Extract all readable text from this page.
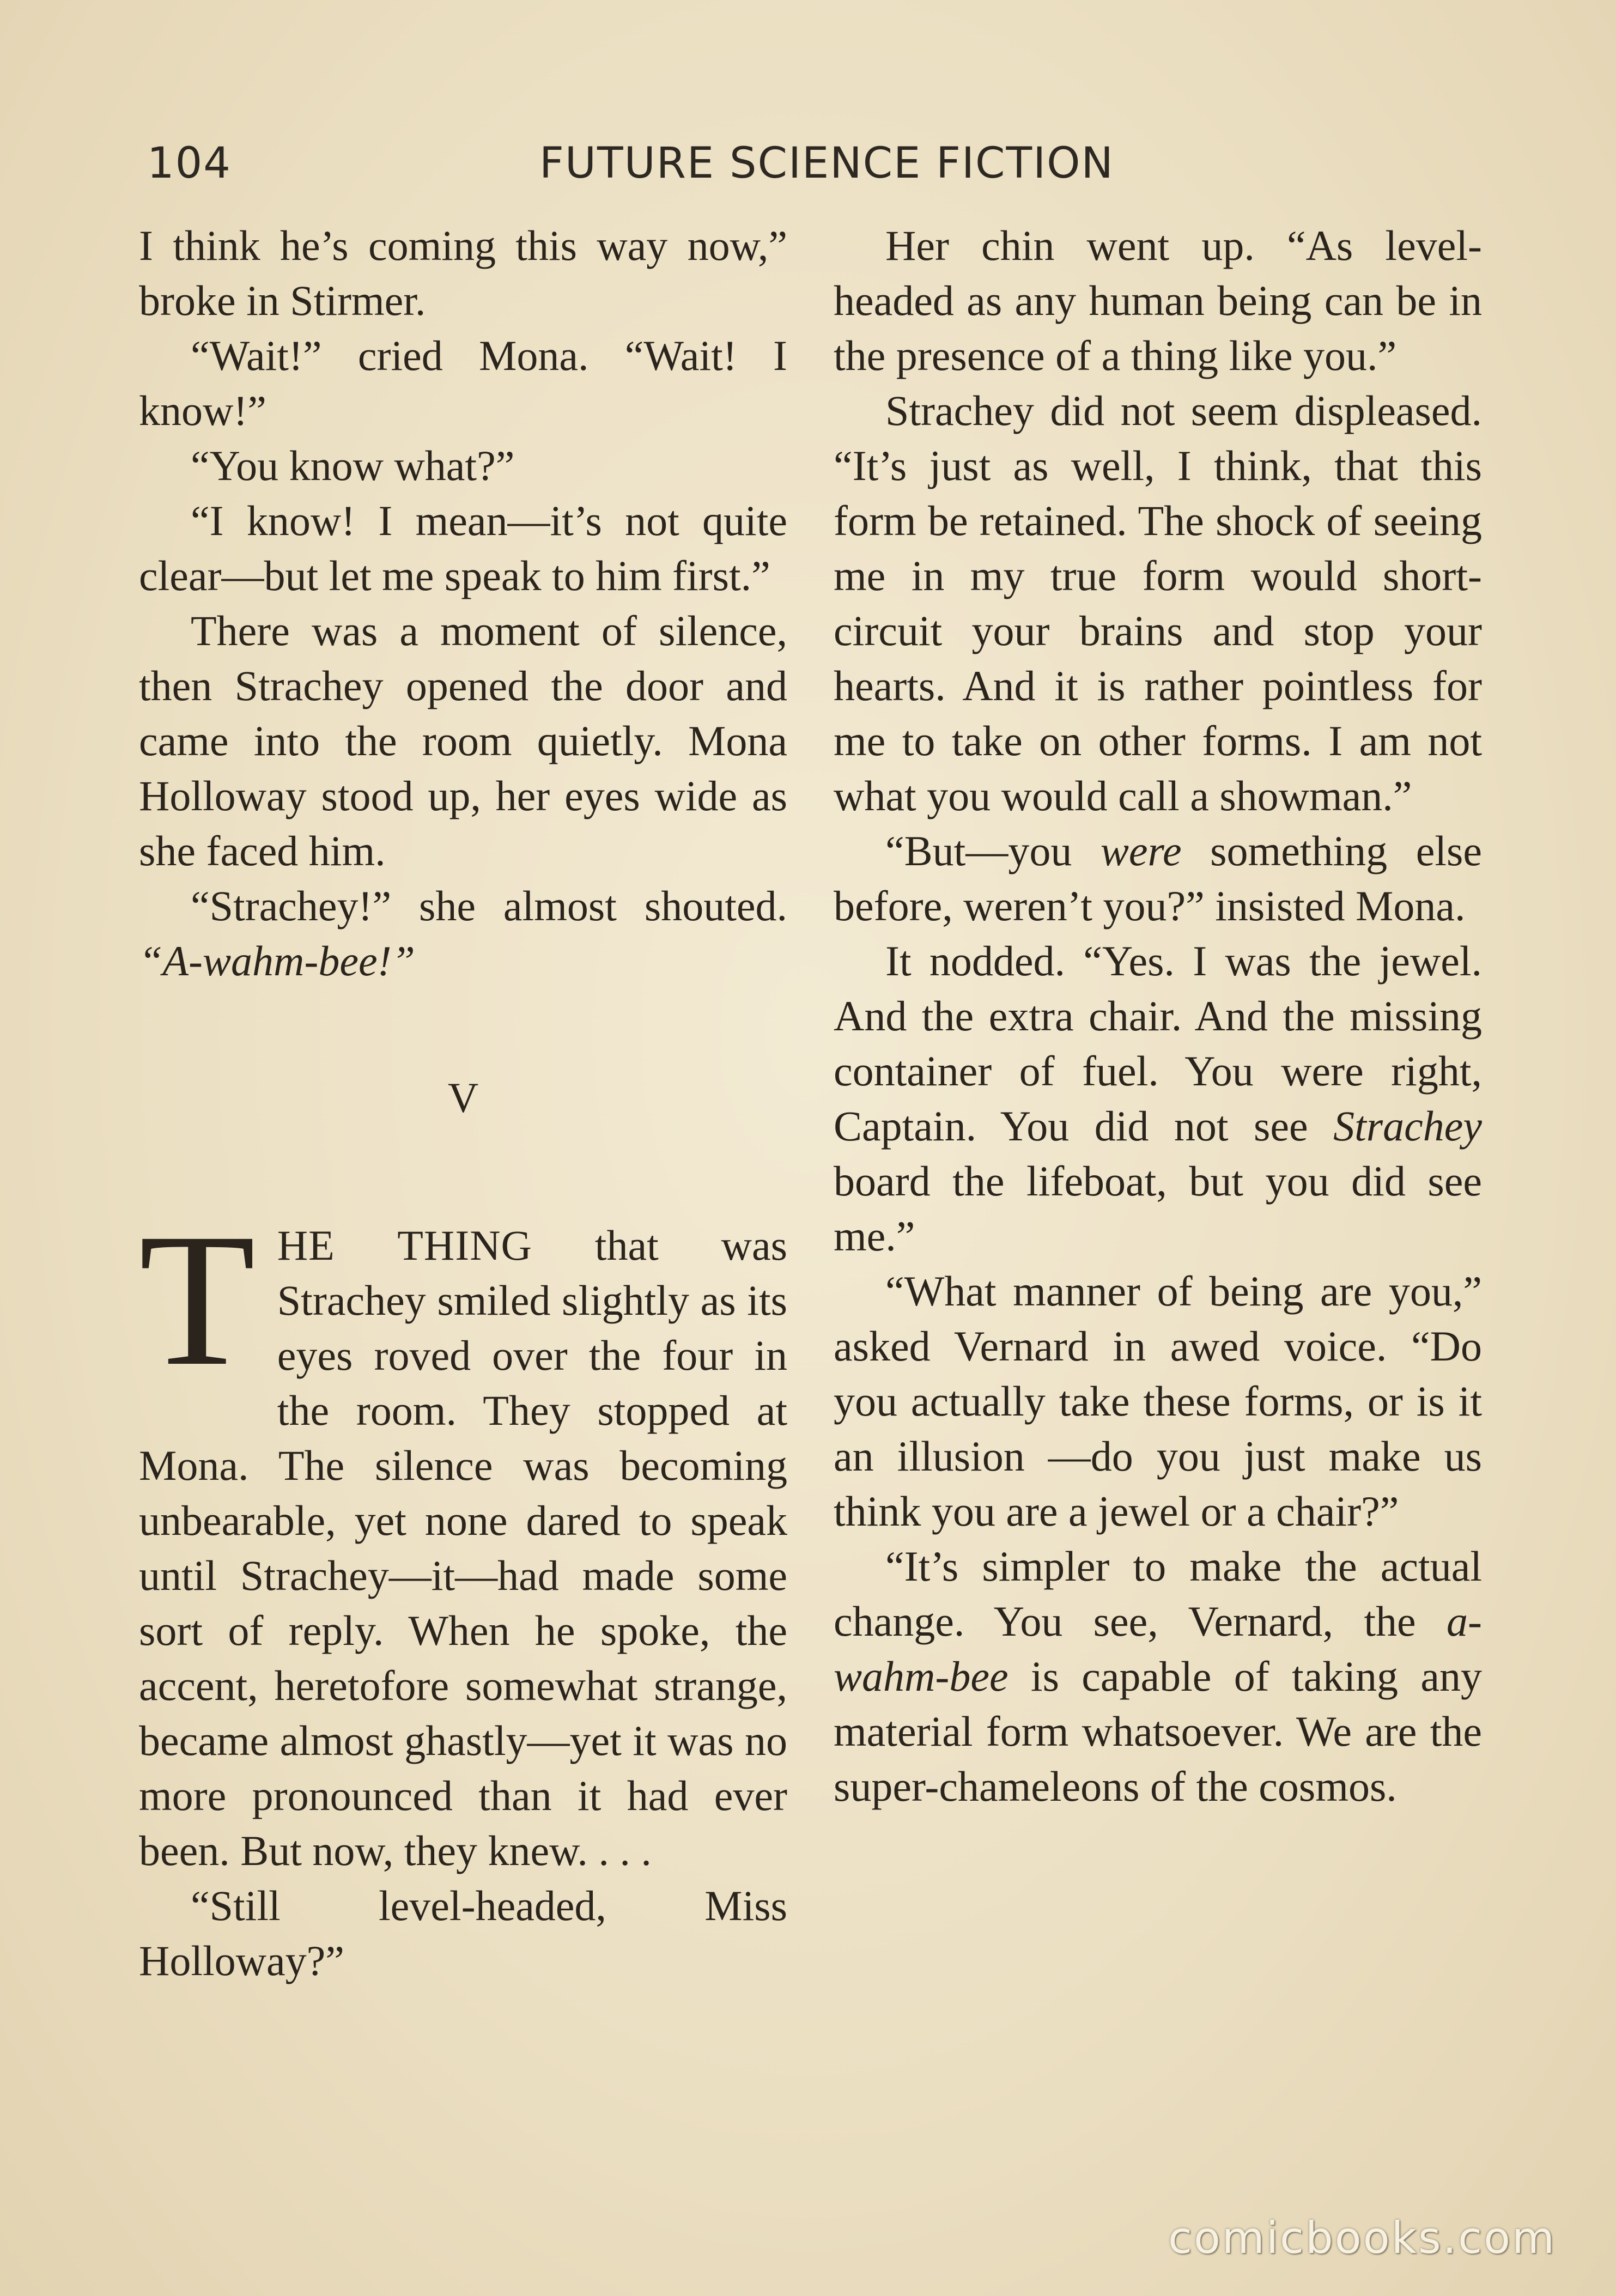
104	FUTURE SCIENCE FICTION

I think he’s coming this way now,” broke in Stirmer.

“Wait!” cried Mona. “Wait! I know!”

“You know what?”

“I know! I mean—it’s not quite clear—but let me speak to him first.”

There was a moment of silence, then Strachey opened the door and came into the room quietly. Mona Holloway stood up, her eyes wide as she faced him.

“Strachey!” she almost shouted. “A-wahm-bee!”

V

THE THING that was Strachey smiled slightly as its eyes roved over the four in the room. They stopped at Mona. The silence was becoming unbearable, yet none dared to speak until Strachey—it—had made some sort of reply. When he spoke, the accent, heretofore somewhat strange, became almost ghastly—yet it was no more pronounced than it had ever been. But now, they knew. . . .

“Still level-headed, Miss Holloway?”

Her chin went up. “As level-headed as any human being can be in the presence of a thing like you.”

Strachey did not seem displeased. “It’s just as well, I think, that this form be retained. The shock of seeing me in my true form would short-circuit your brains and stop your hearts. And it is rather pointless for me to take on other forms. I am not what you would call a showman.”

“But—you were something else before, weren’t you?” insisted Mona.

It nodded. “Yes. I was the jewel. And the extra chair. And the missing container of fuel. You were right, Captain. You did not see Strachey board the lifeboat, but you did see me.”

“What manner of being are you,” asked Vernard in awed voice. “Do you actually take these forms, or is it an illusion —do you just make us think you are a jewel or a chair?”

“It’s simpler to make the actual change. You see, Vernard, the a-wahm-bee is capable of taking any material form whatsoever. We are the super-chameleons of the cosmos.

comicbooks.com
